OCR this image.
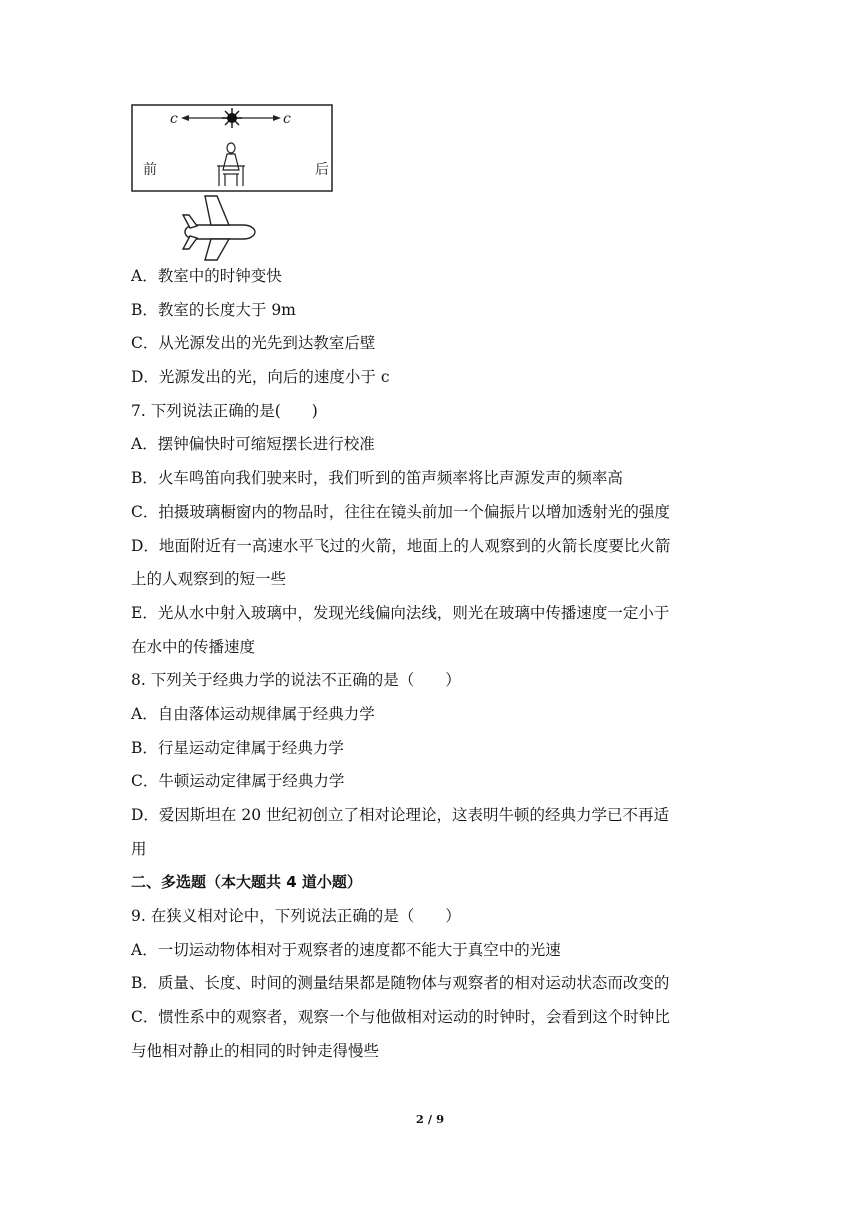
c	c
前	后
A．教室中的时钟变快
B．教室的长度大于 9m
C．从光源发出的光先到达教室后壁
D．光源发出的光，向后的速度小于 c
7. 下列说法正确的是(　　)
A．摆钟偏快时可缩短摆长进行校准
B．火车鸣笛向我们驶来时，我们听到的笛声频率将比声源发声的频率高
C．拍摄玻璃橱窗内的物品时，往往在镜头前加一个偏振片以增加透射光的强度
D．地面附近有一高速水平飞过的火箭，地面上的人观察到的火箭长度要比火箭
上的人观察到的短一些
E．光从水中射入玻璃中，发现光线偏向法线，则光在玻璃中传播速度一定小于
在水中的传播速度
8. 下列关于经典力学的说法不正确的是（　　）
A．自由落体运动规律属于经典力学
B．行星运动定律属于经典力学
C．牛顿运动定律属于经典力学
D．爱因斯坦在 20 世纪初创立了相对论理论，这表明牛顿的经典力学已不再适
用
二、多选题（本大题共 4 道小题）
9. 在狭义相对论中，下列说法正确的是（　　）
A．一切运动物体相对于观察者的速度都不能大于真空中的光速
B．质量、长度、时间的测量结果都是随物体与观察者的相对运动状态而改变的
C．惯性系中的观察者，观察一个与他做相对运动的时钟时，会看到这个时钟比
与他相对静止的相同的时钟走得慢些
2 / 9
